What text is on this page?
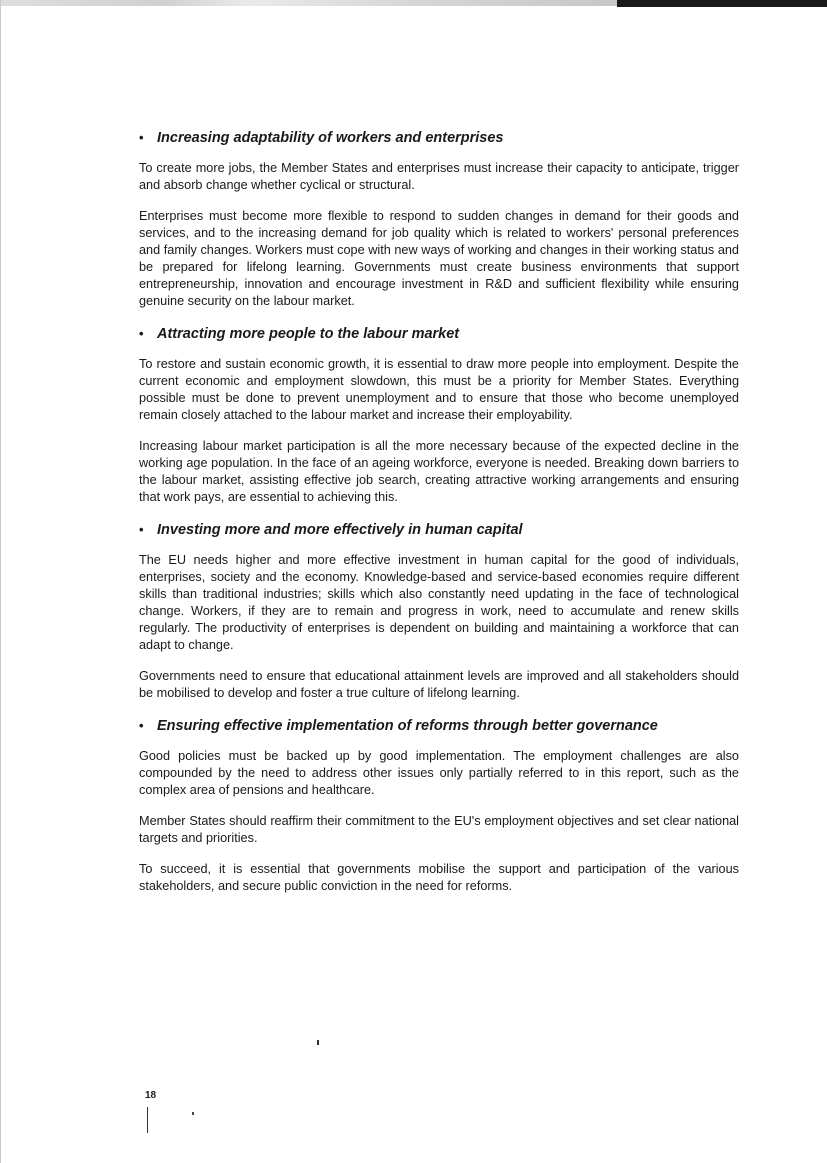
• Increasing adaptability of workers and enterprises

To create more jobs, the Member States and enterprises must increase their capacity to anticipate, trigger and absorb change whether cyclical or structural.

Enterprises must become more flexible to respond to sudden changes in demand for their goods and services, and to the increasing demand for job quality which is related to workers' personal preferences and family changes. Workers must cope with new ways of working and changes in their working status and be prepared for lifelong learning. Governments must create business environments that support entrepreneurship, innovation and encourage investment in R&D and sufficient flexibility while ensuring genuine security on the labour market.

• Attracting more people to the labour market

To restore and sustain economic growth, it is essential to draw more people into employment. Despite the current economic and employment slowdown, this must be a priority for Member States. Everything possible must be done to prevent unemployment and to ensure that those who become unemployed remain closely attached to the labour market and increase their employability.

Increasing labour market participation is all the more necessary because of the expected decline in the working age population. In the face of an ageing workforce, everyone is needed. Breaking down barriers to the labour market, assisting effective job search, creating attractive working arrangements and ensuring that work pays, are essential to achieving this.

• Investing more and more effectively in human capital

The EU needs higher and more effective investment in human capital for the good of individuals, enterprises, society and the economy. Knowledge-based and service-based economies require different skills than traditional industries; skills which also constantly need updating in the face of technological change. Workers, if they are to remain and progress in work, need to accumulate and renew skills regularly. The productivity of enterprises is dependent on building and maintaining a workforce that can adapt to change.

Governments need to ensure that educational attainment levels are improved and all stakeholders should be mobilised to develop and foster a true culture of lifelong learning.

• Ensuring effective implementation of reforms through better governance

Good policies must be backed up by good implementation. The employment challenges are also compounded by the need to address other issues only partially referred to in this report, such as the complex area of pensions and healthcare.

Member States should reaffirm their commitment to the EU's employment objectives and set clear national targets and priorities.

To succeed, it is essential that governments mobilise the support and participation of the various stakeholders, and secure public conviction in the need for reforms.

18
